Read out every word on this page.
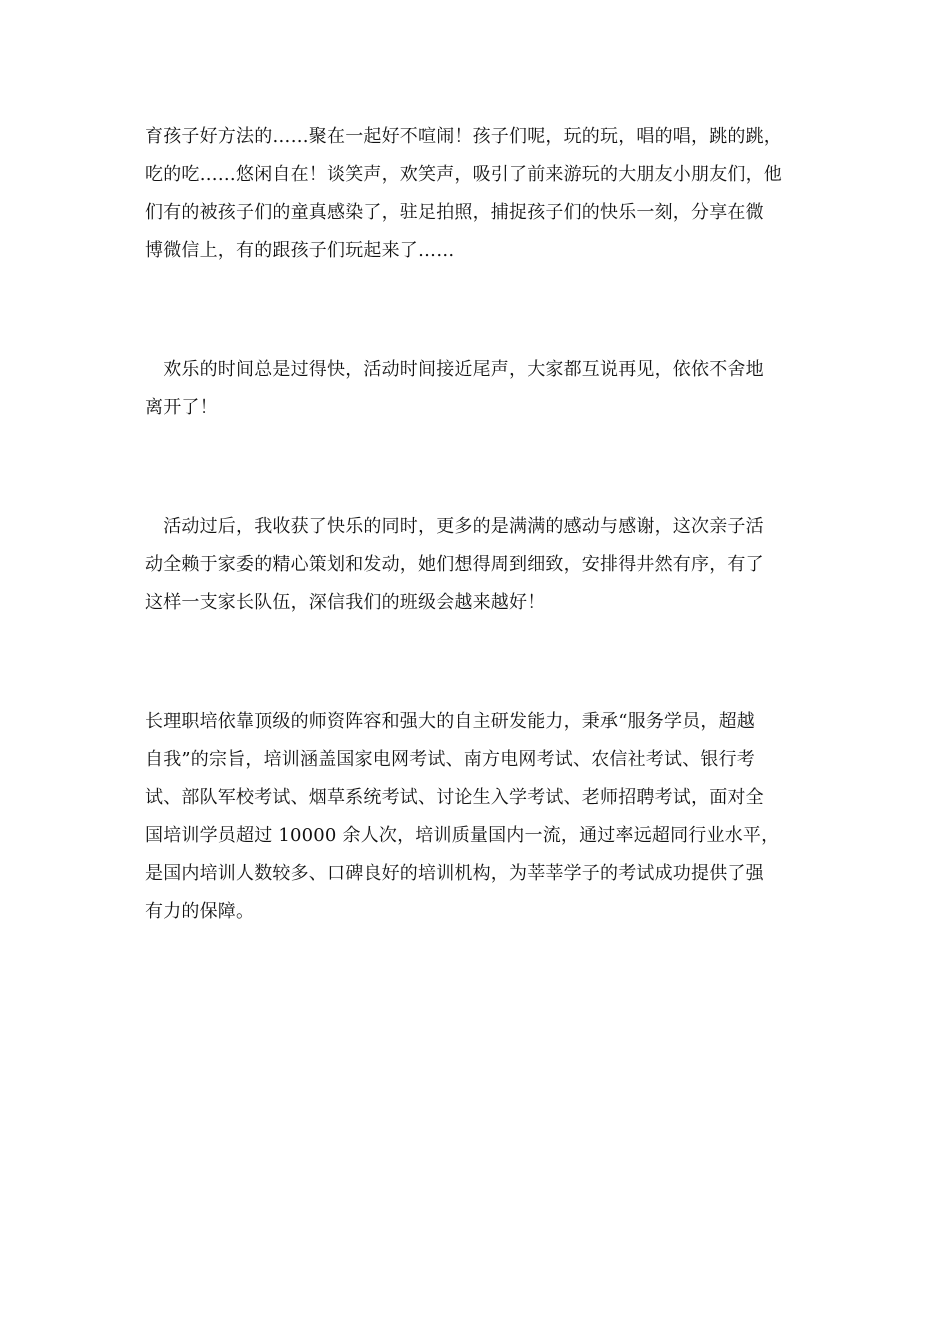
育孩子好方法的……聚在一起好不喧闹！孩子们呢，玩的玩，唱的唱，跳的跳，
吃的吃……悠闲自在！谈笑声，欢笑声，吸引了前来游玩的大朋友小朋友们，他
们有的被孩子们的童真感染了，驻足拍照，捕捉孩子们的快乐一刻，分享在微
博微信上，有的跟孩子们玩起来了……

　欢乐的时间总是过得快，活动时间接近尾声，大家都互说再见，依依不舍地
离开了！

　活动过后，我收获了快乐的同时，更多的是满满的感动与感谢，这次亲子活
动全赖于家委的精心策划和发动，她们想得周到细致，安排得井然有序，有了
这样一支家长队伍，深信我们的班级会越来越好！

长理职培依靠顶级的师资阵容和强大的自主研发能力，秉承“服务学员，超越
自我”的宗旨，培训涵盖国家电网考试、南方电网考试、农信社考试、银行考
试、部队军校考试、烟草系统考试、讨论生入学考试、老师招聘考试，面对全
国培训学员超过 10000 余人次，培训质量国内一流，通过率远超同行业水平，
是国内培训人数较多、口碑良好的培训机构，为莘莘学子的考试成功提供了强
有力的保障。
